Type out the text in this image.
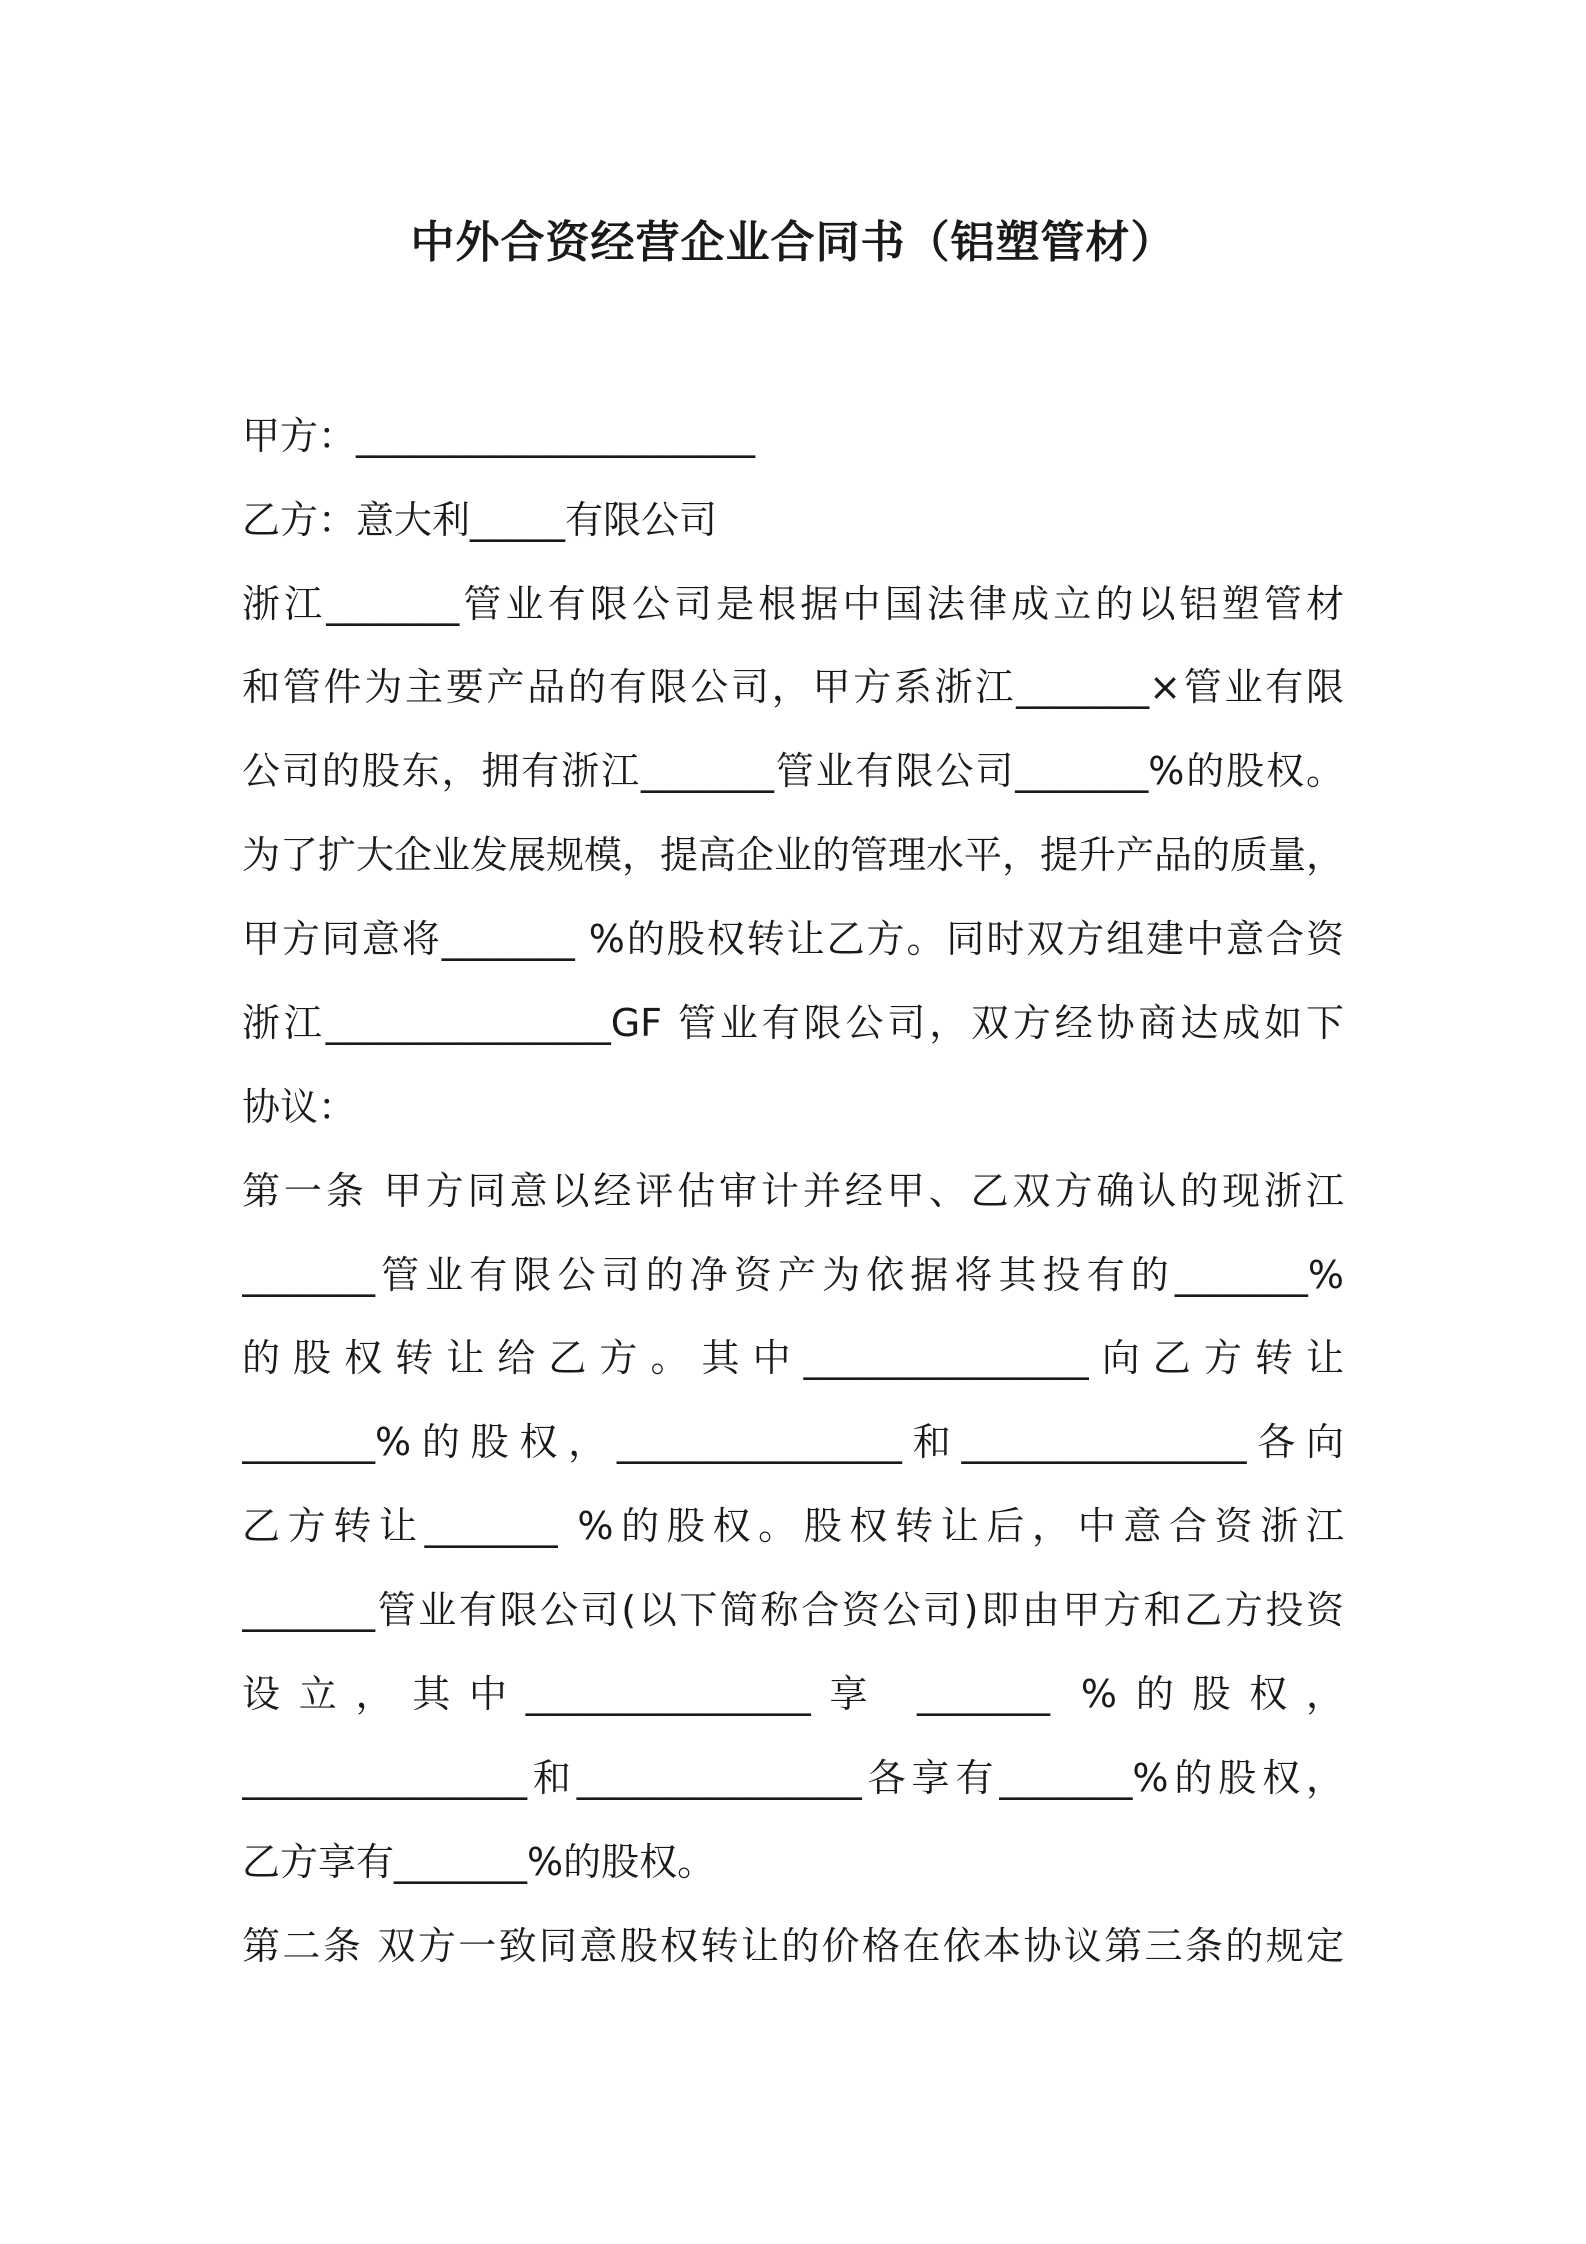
中外合资经营企业合同书（铝塑管材）
甲方：_____________________
乙方：意大利_____有限公司
浙江_______管业有限公司是根据中国法律成立的以铝塑管材
和管件为主要产品的有限公司，甲方系浙江_______×管业有限
公司的股东，拥有浙江_______管业有限公司_______%的股权。
为了扩大企业发展规模，提高企业的管理水平，提升产品的质量，
甲方同意将_______ %的股权转让乙方。同时双方组建中意合资
浙江_______________GF 管业有限公司，双方经协商达成如下
协议：
第一条 甲方同意以经评估审计并经甲、乙双方确认的现浙江
_______管业有限公司的净资产为依据将其投有的_______%
的股权转让给乙方。其中_______________向乙方转让
_______%的股权，_______________和_______________各向
乙方转让_______ %的股权。股权转让后，中意合资浙江
_______管业有限公司(以下简称合资公司)即由甲方和乙方投资
设立，其中_______________享 _______ %的股权，
_______________和_______________各享有_______%的股权，
乙方享有_______%的股权。
第二条 双方一致同意股权转让的价格在依本协议第三条的规定
